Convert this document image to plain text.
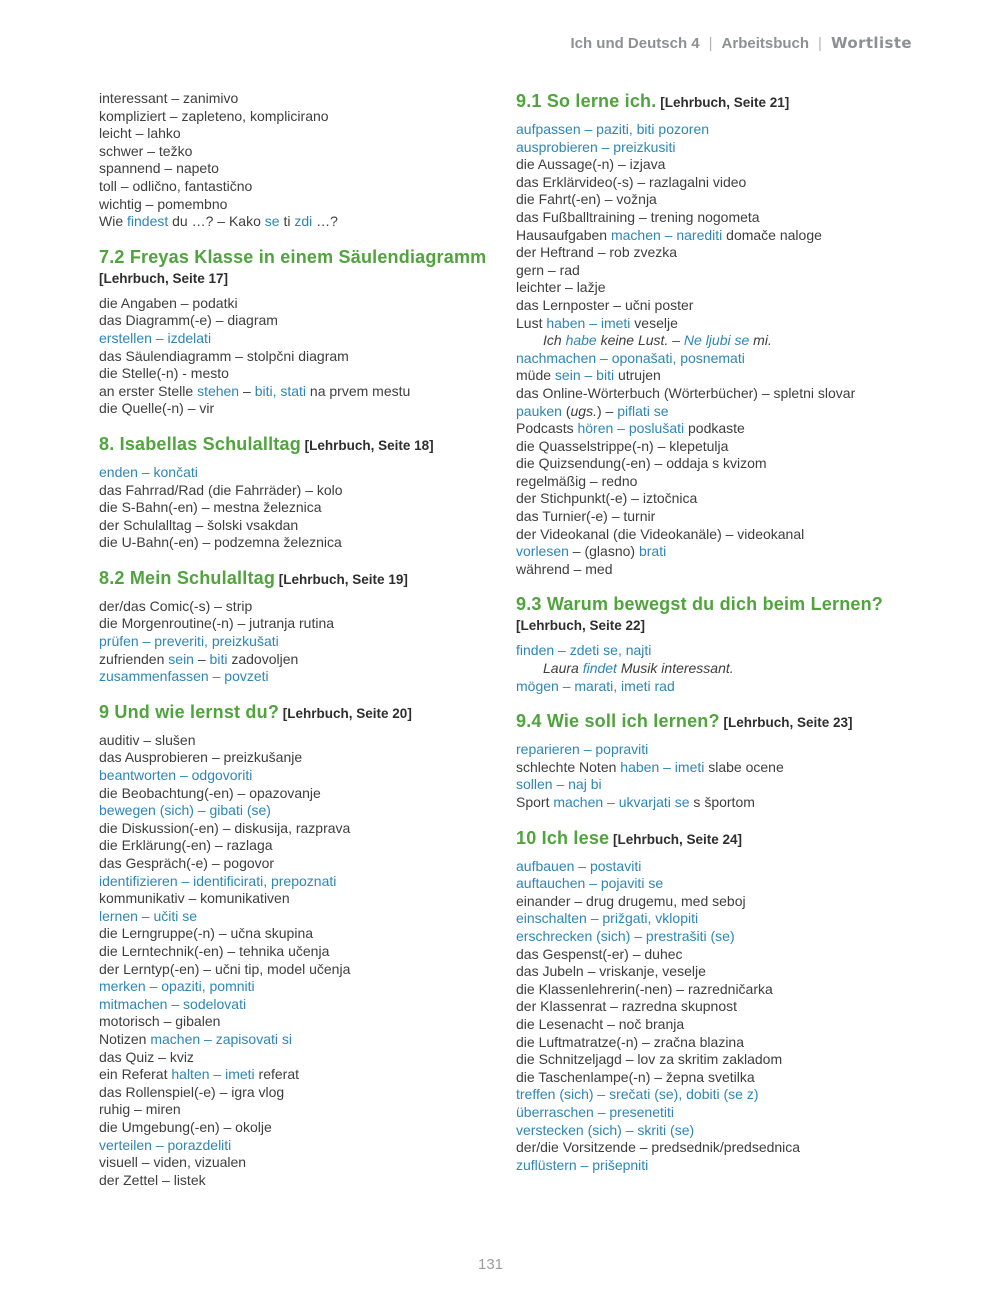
Ich und Deutsch 4 | Arbeitsbuch | Wortliste
interessant – zanimivo
kompliziert – zapleteno, komplicirano
leicht – lahko
schwer – težko
spannend – napeto
toll – odlično, fantastično
wichtig – pomembno
Wie findest du …? – Kako se ti zdi …?
7.2 Freyas Klasse in einem Säulendiagramm
[Lehrbuch, Seite 17]
die Angaben – podatki
das Diagramm(-e) – diagram
erstellen – izdelati
das Säulendiagramm – stolpčni diagram
die Stelle(-n) - mesto
an erster Stelle stehen – biti, stati na prvem mestu
die Quelle(-n) – vir
8. Isabellas Schulalltag [Lehrbuch, Seite 18]
enden – končati
das Fahrrad/Rad (die Fahrräder) – kolo
die S-Bahn(-en) – mestna železnica
der Schulalltag – šolski vsakdan
die U-Bahn(-en) – podzemna železnica
8.2 Mein Schulalltag [Lehrbuch, Seite 19]
der/das Comic(-s) – strip
die Morgenroutine(-n) – jutranja rutina
prüfen – preveriti, preizkušati
zufrienden sein – biti zadovoljen
zusammenfassen – povzeti
9 Und wie lernst du? [Lehrbuch, Seite 20]
auditiv – slušen
das Ausprobieren – preizkušanje
beantworten – odgovoriti
die Beobachtung(-en) – opazovanje
bewegen (sich) – gibati (se)
die Diskussion(-en) – diskusija, razprava
die Erklärung(-en) – razlaga
das Gespräch(-e) – pogovor
identifizieren – identificirati, prepoznati
kommunikativ – komunikativen
lernen – učiti se
die Lerngruppe(-n) – učna skupina
die Lerntechnik(-en) – tehnika učenja
der Lerntyp(-en) – učni tip, model učenja
merken – opaziti, pomniti
mitmachen – sodelovati
motorisch – gibalen
Notizen machen – zapisovati si
das Quiz – kviz
ein Referat halten – imeti referat
das Rollenspiel(-e) – igra vlog
ruhig – miren
die Umgebung(-en) – okolje
verteilen – porazdeliti
visuell – viden, vizualen
der Zettel – listek
9.1 So lerne ich. [Lehrbuch, Seite 21]
aufpassen – paziti, biti pozoren
ausprobieren – preizkusiti
die Aussage(-n) – izjava
das Erklärvideo(-s) – razlagalni video
die Fahrt(-en) – vožnja
das Fußballtraining – trening nogometa
Hausaufgaben machen – narediti domače naloge
der Heftrand – rob zvezka
gern – rad
leichter – lažje
das Lernposter – učni poster
Lust haben – imeti veselje
Ich habe keine Lust. – Ne ljubi se mi.
nachmachen – oponašati, posnemati
müde sein – biti utrujen
das Online-Wörterbuch (Wörterbücher) – spletni slovar
pauken (ugs.) – piflati se
Podcasts hören – poslušati podkaste
die Quasselstrippe(-n) – klepetulja
die Quizsendung(-en) – oddaja s kvizom
regelmäßig – redno
der Stichpunkt(-e) – iztočnica
das Turnier(-e) – turnir
der Videokanal (die Videokanäle) – videokanal
vorlesen – (glasno) brati
während – med
9.3 Warum bewegst du dich beim Lernen?
[Lehrbuch, Seite 22]
finden – zdeti se, najti
Laura findet Musik interessant.
mögen – marati, imeti rad
9.4 Wie soll ich lernen? [Lehrbuch, Seite 23]
reparieren – popraviti
schlechte Noten haben – imeti slabe ocene
sollen – naj bi
Sport machen – ukvarjati se s športom
10 Ich lese [Lehrbuch, Seite 24]
aufbauen – postaviti
auftauchen – pojaviti se
einander – drug drugemu, med seboj
einschalten – prižgati, vklopiti
erschrecken (sich) – prestrašiti (se)
das Gespenst(-er) – duhec
das Jubeln – vriskanje, veselje
die Klassenlehrerin(-nen) – razredničarka
der Klassenrat – razredna skupnost
die Lesenacht – noč branja
die Luftmatratze(-n) – zračna blazina
die Schnitzeljagd – lov za skritim zakladom
die Taschenlampe(-n) – žepna svetilka
treffen (sich) – srečati (se), dobiti (se z)
überraschen – presenetiti
verstecken (sich) – skriti (se)
der/die Vorsitzende – predsednik/predsednica
zuflüstern – prišepniti
131
